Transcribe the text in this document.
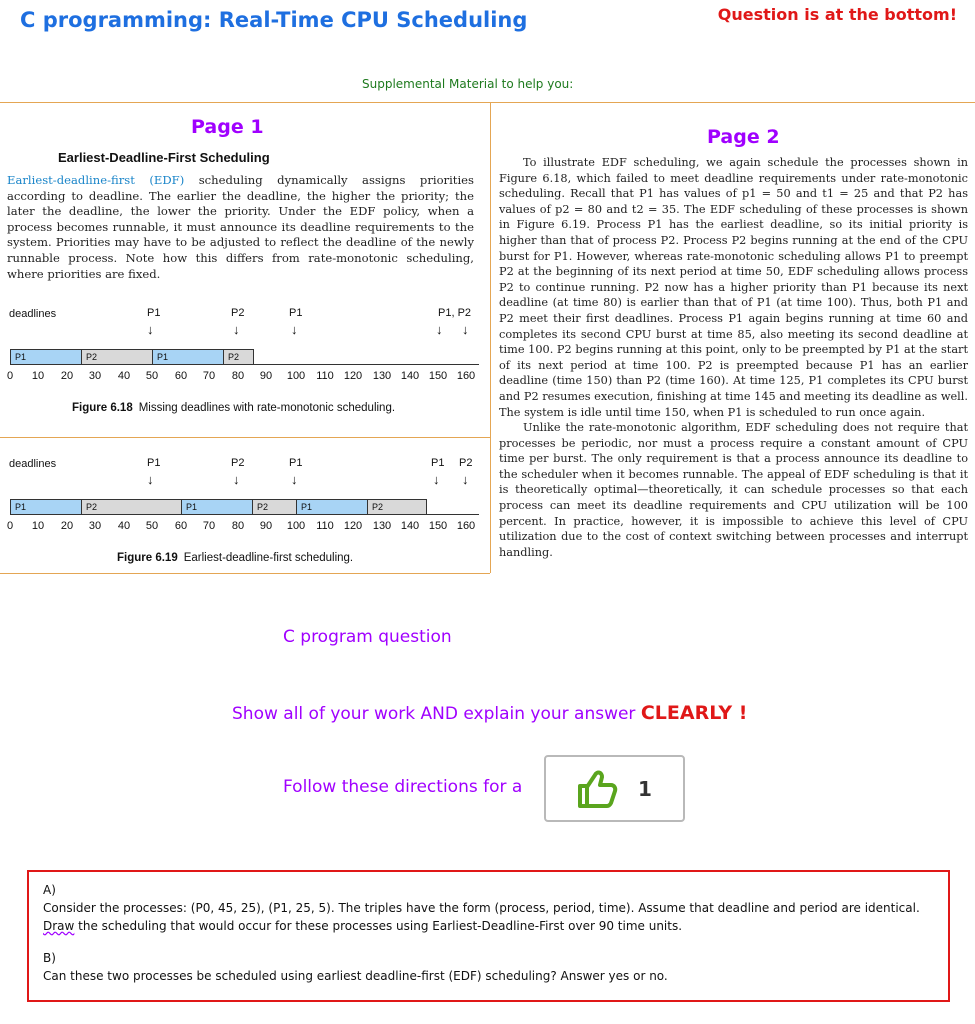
C programming: Real-Time CPU Scheduling	Question is at the bottom!
Supplemental Material to help you:
Page 1
Earliest-Deadline-First Scheduling
Earliest-deadline-first (EDF) scheduling dynamically assigns priorities according to deadline. The earlier the deadline, the higher the priority; the later the deadline, the lower the priority. Under the EDF policy, when a process becomes runnable, it must announce its deadline requirements to the system. Priorities may have to be adjusted to reflect the deadline of the newly runnable process. Note how this differs from rate-monotonic scheduling, where priorities are fixed.
deadlines	P1
↓
P2
↓
P1
↓
P1, P2
↓ ↓
P1	P2	P1	P2
0 10 20 30 40 50 60 70 80 90 100 110 120 130 140 150 160
Figure 6.18 Missing deadlines with rate-monotonic scheduling.
deadlines	P1
↓
P2
↓
P1
↓
P1
↓
P2
↓
P1	P2	P1	P2	P1	P2
0 10 20 30 40 50 60 70 80 90 100 110 120 130 140 150 160
Figure 6.19 Earliest-deadline-first scheduling.
Page 2
To illustrate EDF scheduling, we again schedule the processes shown in Figure 6.18, which failed to meet deadline requirements under rate-monotonic scheduling. Recall that P1 has values of p1 = 50 and t1 = 25 and that P2 has values of p2 = 80 and t2 = 35. The EDF scheduling of these processes is shown in Figure 6.19. Process P1 has the earliest deadline, so its initial priority is higher than that of process P2. Process P2 begins running at the end of the CPU burst for P1. However, whereas rate-monotonic scheduling allows P1 to preempt P2 at the beginning of its next period at time 50, EDF scheduling allows process P2 to continue running. P2 now has a higher priority than P1 because its next deadline (at time 80) is earlier than that of P1 (at time 100). Thus, both P1 and P2 meet their first deadlines. Process P1 again begins running at time 60 and completes its second CPU burst at time 85, also meeting its second deadline at time 100. P2 begins running at this point, only to be preempted by P1 at the start of its next period at time 100. P2 is preempted because P1 has an earlier deadline (time 150) than P2 (time 160). At time 125, P1 completes its CPU burst and P2 resumes execution, finishing at time 145 and meeting its deadline as well. The system is idle until time 150, when P1 is scheduled to run once again.
Unlike the rate-monotonic algorithm, EDF scheduling does not require that processes be periodic, nor must a process require a constant amount of CPU time per burst. The only requirement is that a process announce its deadline to the scheduler when it becomes runnable. The appeal of EDF scheduling is that it is theoretically optimal—theoretically, it can schedule processes so that each process can meet its deadline requirements and CPU utilization will be 100 percent. In practice, however, it is impossible to achieve this level of CPU utilization due to the cost of context switching between processes and interrupt handling.
C program question
Show all of your work AND explain your answer CLEARLY !
Follow these directions for a	1

A)

Consider the processes: (P0, 45, 25), (P1, 25, 5). The triples have the form (process, period, time). Assume that deadline and period are identical.

Draw the scheduling that would occur for these processes using Earliest-Deadline-First over 90 time units.

B)

Can these two processes be scheduled using earliest deadline-first (EDF) scheduling? Answer yes or no.
